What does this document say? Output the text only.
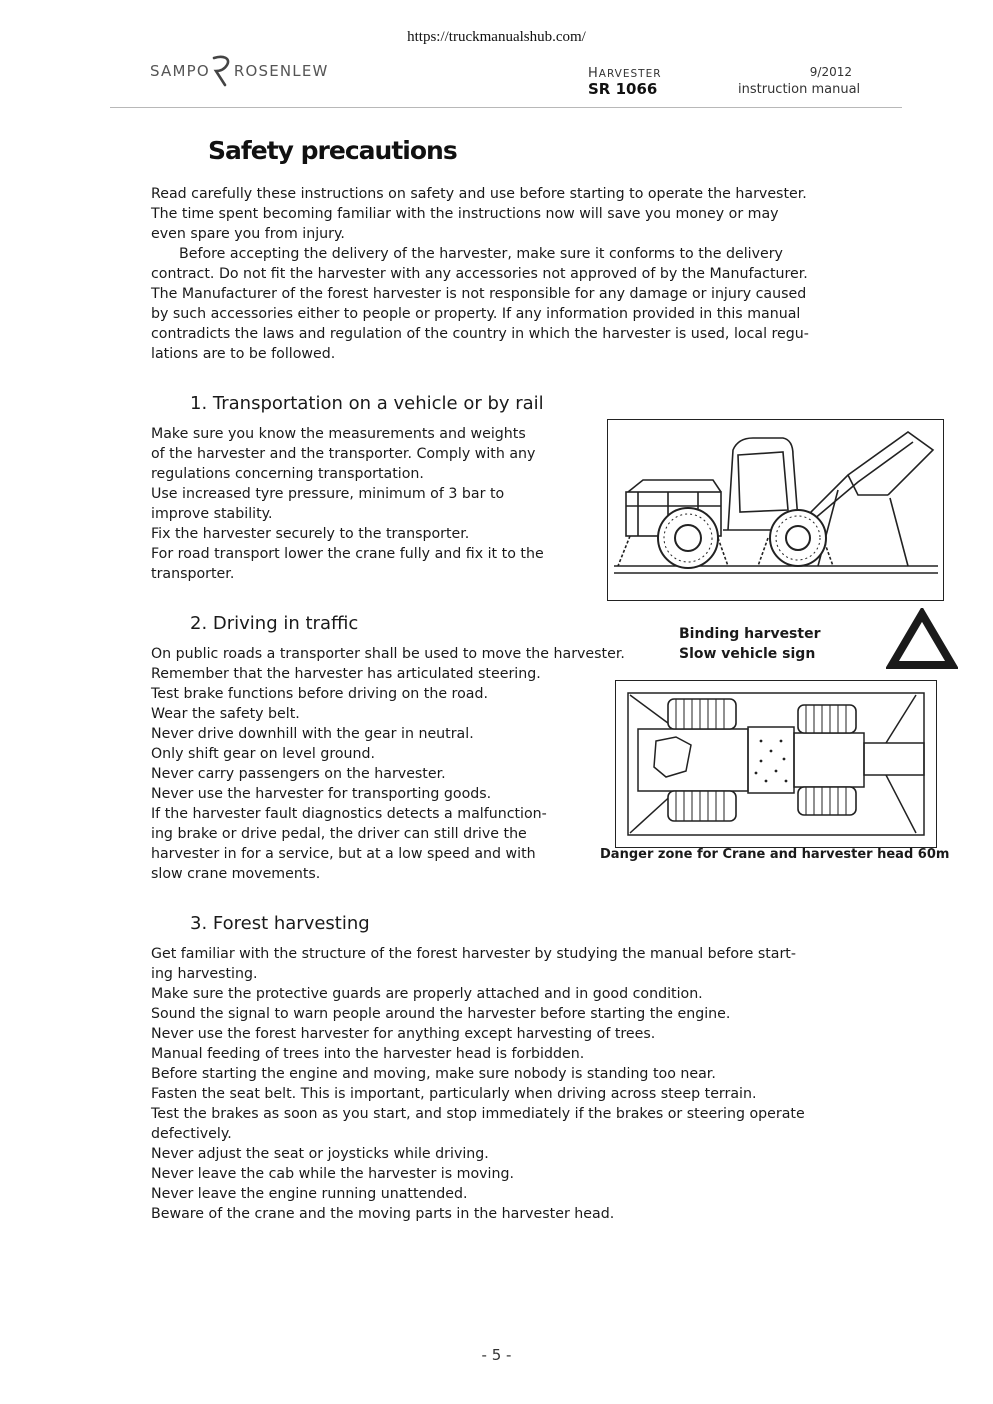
https://truckmanualshub.com/
SAMPO ROSENLEW	HARVESTER
SR 1066
9/2012
instruction manual
Safety precautions

Read carefully these instructions on safety and use before starting to operate the harvester.

The time spent becoming familiar with the instructions now will save you money or may

even spare you from injury.

Before accepting the delivery of the harvester, make sure it conforms to the delivery

contract. Do not fit the harvester with any accessories not approved of by the Manufacturer.

The Manufacturer of the forest harvester is not responsible for any damage or injury caused

by such accessories either to people or property. If any information provided in this manual

contradicts the laws and regulation of the country in which the harvester is used, local regu-

lations are to be followed.

1. Transportation on a vehicle or by rail
Make sure you know the measurements and weights
of the harvester and the transporter. Comply with any
regulations concerning transportation.
Use increased tyre pressure, minimum of 3 bar to
improve stability.
Fix the harvester securely to the transporter.
For road transport lower the crane fully and fix it to the
transporter.
2. Driving in traffic
On public roads a transporter shall be used to move the harvester.
Remember that the harvester has articulated steering.
Test brake functions before driving on the road.
Wear the safety belt.
Never drive downhill with the gear in neutral.
Only shift gear on level ground.
Never carry passengers on the harvester.
Never use the harvester for transporting goods.
If the harvester fault diagnostics detects a malfunction-
ing brake or drive pedal, the driver can still drive the
harvester in for a service, but at a low speed and with
slow crane movements.
Binding harvester
Slow vehicle sign
Danger zone for Crane and harvester head 60m
3. Forest harvesting
Get familiar with the structure of the forest harvester by studying the manual before start-
ing harvesting.
Make sure the protective guards are properly attached and in good condition.
Sound the signal to warn people around the harvester before starting the engine.
Never use the forest harvester for anything except harvesting of trees.
Manual feeding of trees into the harvester head is forbidden.
Before starting the engine and moving, make sure nobody is standing too near.
Fasten the seat belt. This is important, particularly when driving across steep terrain.
Test the brakes as soon as you start, and stop immediately if the brakes or steering operate
defectively.
Never adjust the seat or joysticks while driving.
Never leave the cab while the harvester is moving.
Never leave the engine running unattended.
Beware of the crane and the moving parts in the harvester head.
- 5 -
